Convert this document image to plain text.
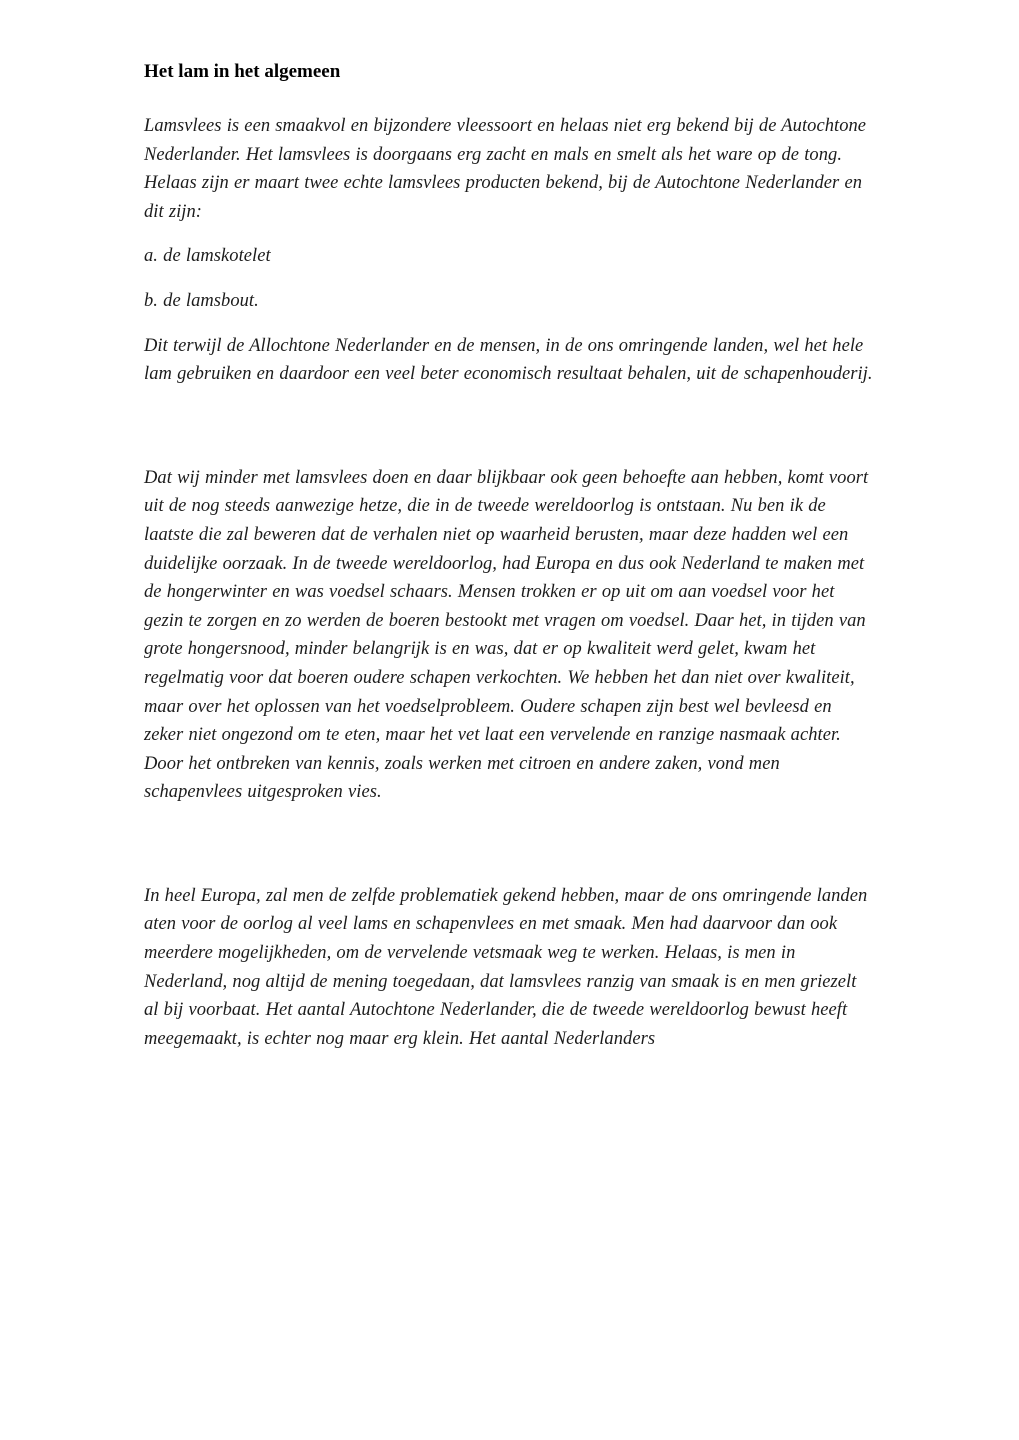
Het lam in het algemeen

Lamsvlees is een smaakvol en bijzondere vleessoort en helaas niet erg bekend bij de Autochtone Nederlander. Het lamsvlees is doorgaans erg zacht en mals en smelt als het ware op de tong. Helaas zijn er maart twee echte lamsvlees producten bekend, bij de Autochtone Nederlander en dit zijn:

a. de lamskotelet

b. de lamsbout.

Dit terwijl de Allochtone Nederlander en de mensen, in de ons omringende landen, wel het hele lam gebruiken en daardoor een veel beter economisch resultaat behalen, uit de schapenhouderij.

Dat wij minder met lamsvlees doen en daar blijkbaar ook geen behoefte aan hebben, komt voort uit de nog steeds aanwezige hetze, die in de tweede wereldoorlog is ontstaan. Nu ben ik de laatste die zal beweren dat de verhalen niet op waarheid berusten, maar deze hadden wel een duidelijke oorzaak. In de tweede wereldoorlog, had Europa en dus ook Nederland te maken met de hongerwinter en was voedsel schaars. Mensen trokken er op uit om aan voedsel voor het gezin te zorgen en zo werden de boeren bestookt met vragen om voedsel. Daar het, in tijden van grote hongersnood, minder belangrijk is en was, dat er op kwaliteit werd gelet, kwam het regelmatig voor dat boeren oudere schapen verkochten. We hebben het dan niet over kwaliteit, maar over het oplossen van het voedselprobleem. Oudere schapen zijn best wel bevleesd en zeker niet ongezond om te eten, maar het vet laat een vervelende en ranzige nasmaak achter. Door het ontbreken van kennis, zoals werken met citroen en andere zaken, vond men schapenvlees uitgesproken vies.

In heel Europa, zal men de zelfde problematiek gekend hebben, maar de ons omringende landen aten voor de oorlog al veel lams en schapenvlees en met smaak. Men had daarvoor dan ook meerdere mogelijkheden, om de vervelende vetsmaak weg te werken. Helaas, is men in Nederland, nog altijd de mening toegedaan, dat lamsvlees ranzig van smaak is en men griezelt al bij voorbaat. Het aantal Autochtone Nederlander, die de tweede wereldoorlog bewust heeft meegemaakt, is echter nog maar erg klein. Het aantal Nederlanders
